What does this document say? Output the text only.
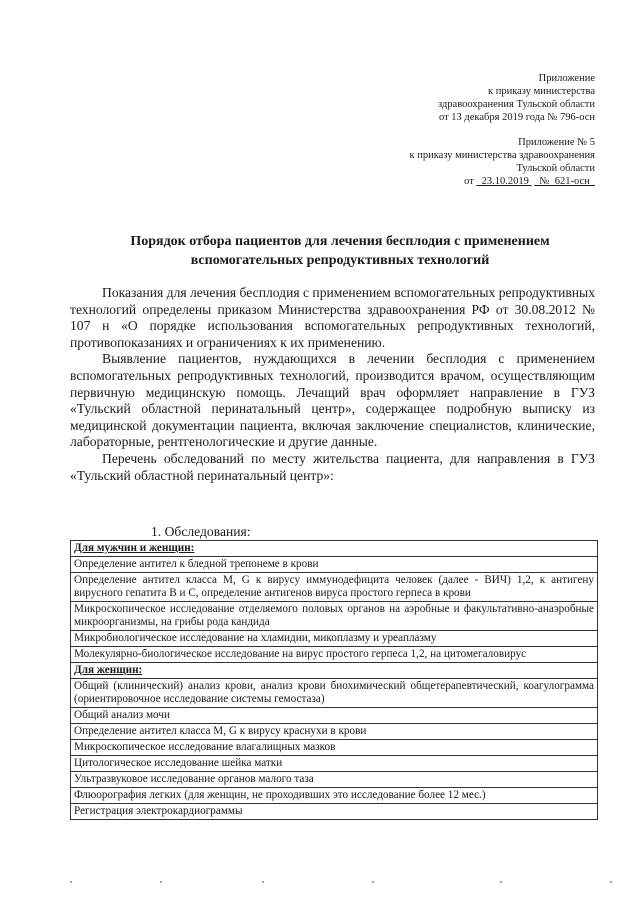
Приложение
к приказу министерства
здравоохранения Тульской области
от 13 декабря 2019 года № 796-осн
Приложение № 5
к приказу министерства здравоохранения
Тульской области
от 23.10.2019 № 621-осн
Порядок отбора пациентов для лечения бесплодия с применением
вспомогательных репродуктивных технологий

Показания для лечения бесплодия с применением вспомогательных репродуктивных технологий определены приказом Министерства здравоохранения РФ от 30.08.2012 № 107 н «О порядке использования вспомогательных репродуктивных технологий, противопоказаниях и ограничениях к их применению.

Выявление пациентов, нуждающихся в лечении бесплодия с применением вспомогательных репродуктивных технологий, производится врачом, осуществляющим первичную медицинскую помощь. Лечащий врач оформляет направление в ГУЗ «Тульский областной перинатальный центр», содержащее подробную выписку из медицинской документации пациента, включая заключение специалистов, клинические, лабораторные, рентгенологические и другие данные.

Перечень обследований по месту жительства пациента, для направления в ГУЗ «Тульский областной перинатальный центр»:

1. Обследования:
Для мужчин и женщин:
Определение антител к бледной трепонеме в крови
Определение антител класса M, G к вирусу иммунодефицита человек (далее - ВИЧ) 1,2, к антигену вирусного гепатита B и C, определение антигенов вируса простого герпеса в крови
Микроскопическое исследование отделяемого половых органов на аэробные и факультативно-анаэробные микроорганизмы, на грибы рода кандида
Микробиологическое исследование на хламидии, микоплазму и уреаплазму
Молекулярно-биологическое исследование на вирус простого герпеса 1,2, на цитомегаловирус
Для женщин:
Общий (клинический) анализ крови, анализ крови биохимический общетерапевтический, коагулограмма (ориентировочное исследование системы гемостаза)
Общий анализ мочи
Определение антител класса M, G к вирусу краснухи в крови
Микроскопическое исследование влагалищных мазков
Цитологическое исследование шейка матки
Ультразвуковое исследование органов малого таза
Флюорография легких (для женщин, не проходивших это исследование более 12 мес.)
Регистрация электрокардиограммы
